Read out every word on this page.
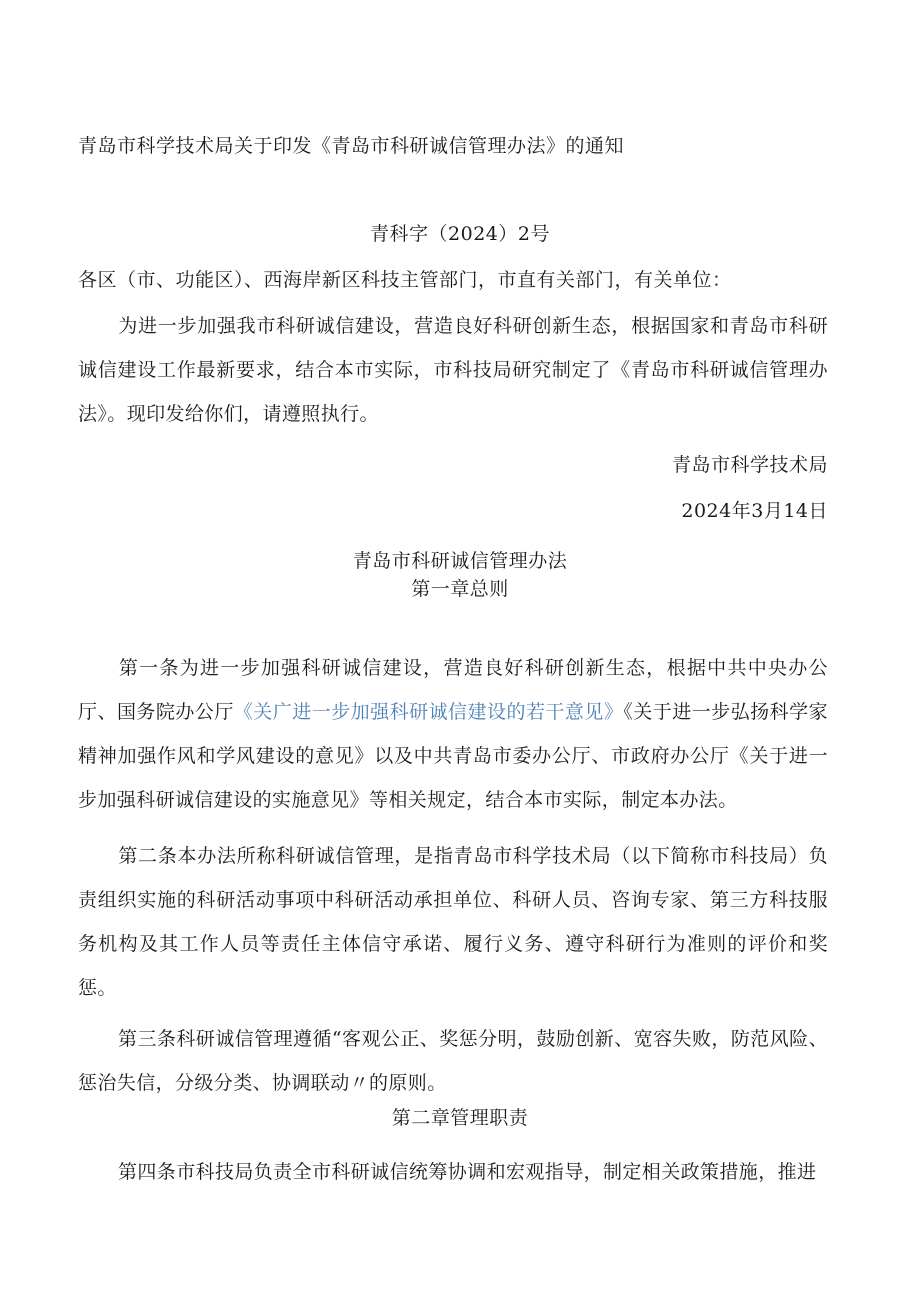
青岛市科学技术局关于印发《青岛市科研诚信管理办法》的通知
青科字（2024）2号
各区（市、功能区）、西海岸新区科技主管部门，市直有关部门，有关单位：
为进一步加强我市科研诚信建设，营造良好科研创新生态，根据国家和青岛市科研诚信建设工作最新要求，结合本市实际，市科技局研究制定了《青岛市科研诚信管理办法》。现印发给你们，请遵照执行。
青岛市科学技术局
2024年3月14日
青岛市科研诚信管理办法
第一章总则
第一条为进一步加强科研诚信建设，营造良好科研创新生态，根据中共中央办公厅、国务院办公厅《关广进一步加强科研诚信建设的若干意见》《关于进一步弘扬科学家精神加强作风和学风建设的意见》以及中共青岛市委办公厅、市政府办公厅《关于进一步加强科研诚信建设的实施意见》等相关规定，结合本市实际，制定本办法。
第二条本办法所称科研诚信管理，是指青岛市科学技术局（以下简称市科技局）负责组织实施的科研活动事项中科研活动承担单位、科研人员、咨询专家、第三方科技服务机构及其工作人员等责任主体信守承诺、履行义务、遵守科研行为准则的评价和奖惩。
第三条科研诚信管理遵循“客观公正、奖惩分明，鼓励创新、宽容失败，防范风险、惩治失信，分级分类、协调联动〃的原则。
第二章管理职责
第四条市科技局负责全市科研诚信统筹协调和宏观指导，制定相关政策措施，推进
